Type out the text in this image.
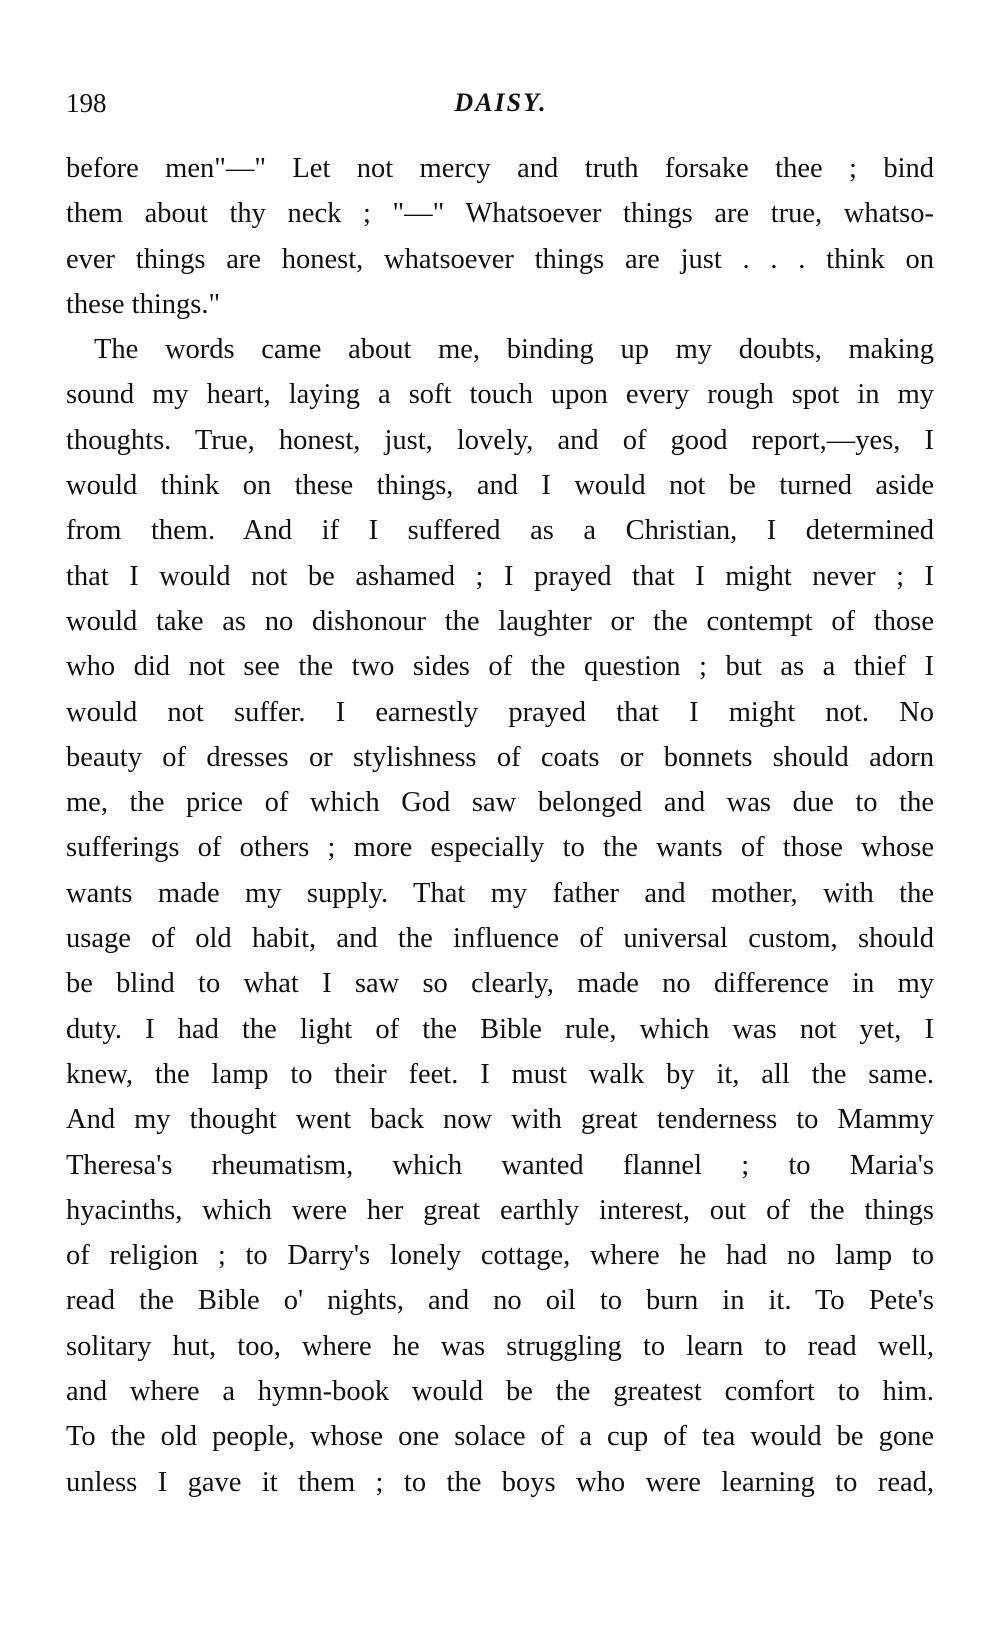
198	DAISY.
before men"—" Let not mercy and truth forsake thee ; bind
them about thy neck ; "—" Whatsoever things are true, whatso-
ever things are honest, whatsoever things are just . . . think on
these things."
The words came about me, binding up my doubts, making
sound my heart, laying a soft touch upon every rough spot in my
thoughts. True, honest, just, lovely, and of good report,—yes, I
would think on these things, and I would not be turned aside
from them. And if I suffered as a Christian, I determined
that I would not be ashamed ; I prayed that I might never ; I
would take as no dishonour the laughter or the contempt of those
who did not see the two sides of the question ; but as a thief I
would not suffer. I earnestly prayed that I might not. No
beauty of dresses or stylishness of coats or bonnets should adorn
me, the price of which God saw belonged and was due to the
sufferings of others ; more especially to the wants of those whose
wants made my supply. That my father and mother, with the
usage of old habit, and the influence of universal custom, should
be blind to what I saw so clearly, made no difference in my
duty. I had the light of the Bible rule, which was not yet, I
knew, the lamp to their feet. I must walk by it, all the same.
And my thought went back now with great tenderness to Mammy
Theresa's rheumatism, which wanted flannel ; to Maria's
hyacinths, which were her great earthly interest, out of the things
of religion ; to Darry's lonely cottage, where he had no lamp to
read the Bible o' nights, and no oil to burn in it. To Pete's
solitary hut, too, where he was struggling to learn to read well,
and where a hymn-book would be the greatest comfort to him.
To the old people, whose one solace of a cup of tea would be gone
unless I gave it them ; to the boys who were learning to read,
